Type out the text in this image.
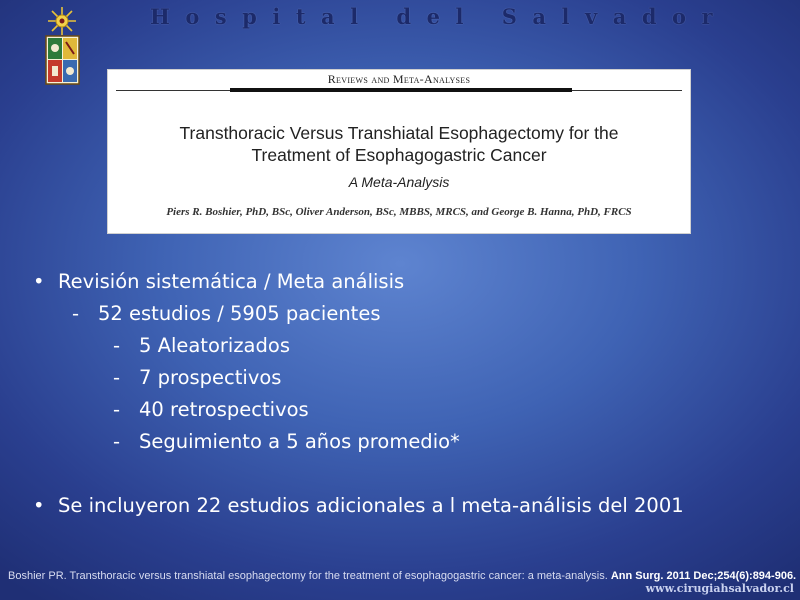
Hospital del Salvador
Reviews and Meta-Analyses
Transthoracic Versus Transhiatal Esophagectomy for the
Treatment of Esophagogastric Cancer
A Meta-Analysis
Piers R. Boshier, PhD, BSc, Oliver Anderson, BSc, MBBS, MRCS, and George B. Hanna, PhD, FRCS
• Revisión sistemática / Meta análisis
- 52 estudios / 5905 pacientes
- 5 Aleatorizados
- 7 prospectivos
- 40 retrospectivos
- Seguimiento a 5 años promedio*
• Se incluyeron 22 estudios adicionales a l meta-análisis del 2001
Boshier PR. Transthoracic versus transhiatal esophagectomy for the treatment of esophagogastric cancer: a meta-analysis. Ann Surg. 2011 Dec;254(6):894-906.
www.cirugiahsalvador.cl
